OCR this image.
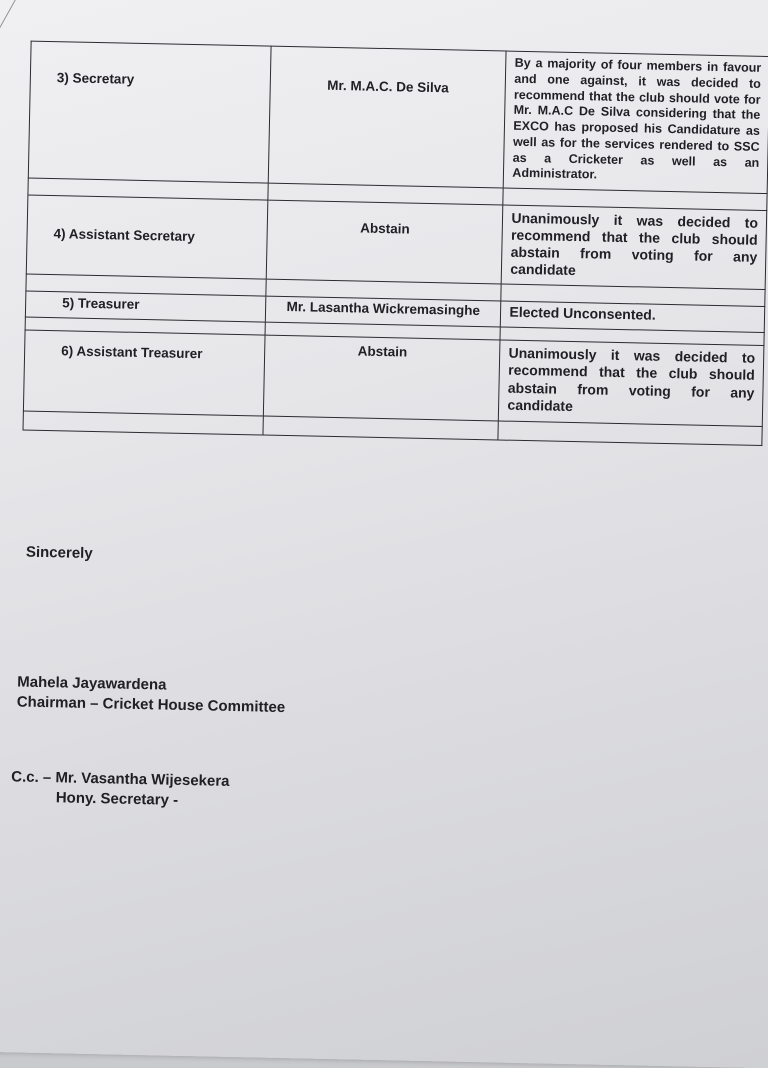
3) Secretary	Mr. M.A.C. De Silva	By a majority of four members in favour and one against, it was decided to recommend that the club should vote for Mr. M.A.C De Silva considering that the EXCO has proposed his Candidature as well as for the services rendered to SSC as a Cricketer as well as an Administrator.

4) Assistant Secretary	Abstain	Unanimously it was decided to recommend that the club should abstain from voting for any candidate

5) Treasurer	Mr. Lasantha Wickremasinghe	Elected Unconsented.

6) Assistant Treasurer	Abstain	Unanimously it was decided to recommend that the club should abstain from voting for any candidate

Sincerely
Mahela Jayawardena
Chairman – Cricket House Committee
C.c. – Mr. Vasantha Wijesekera
Hony. Secretary -
